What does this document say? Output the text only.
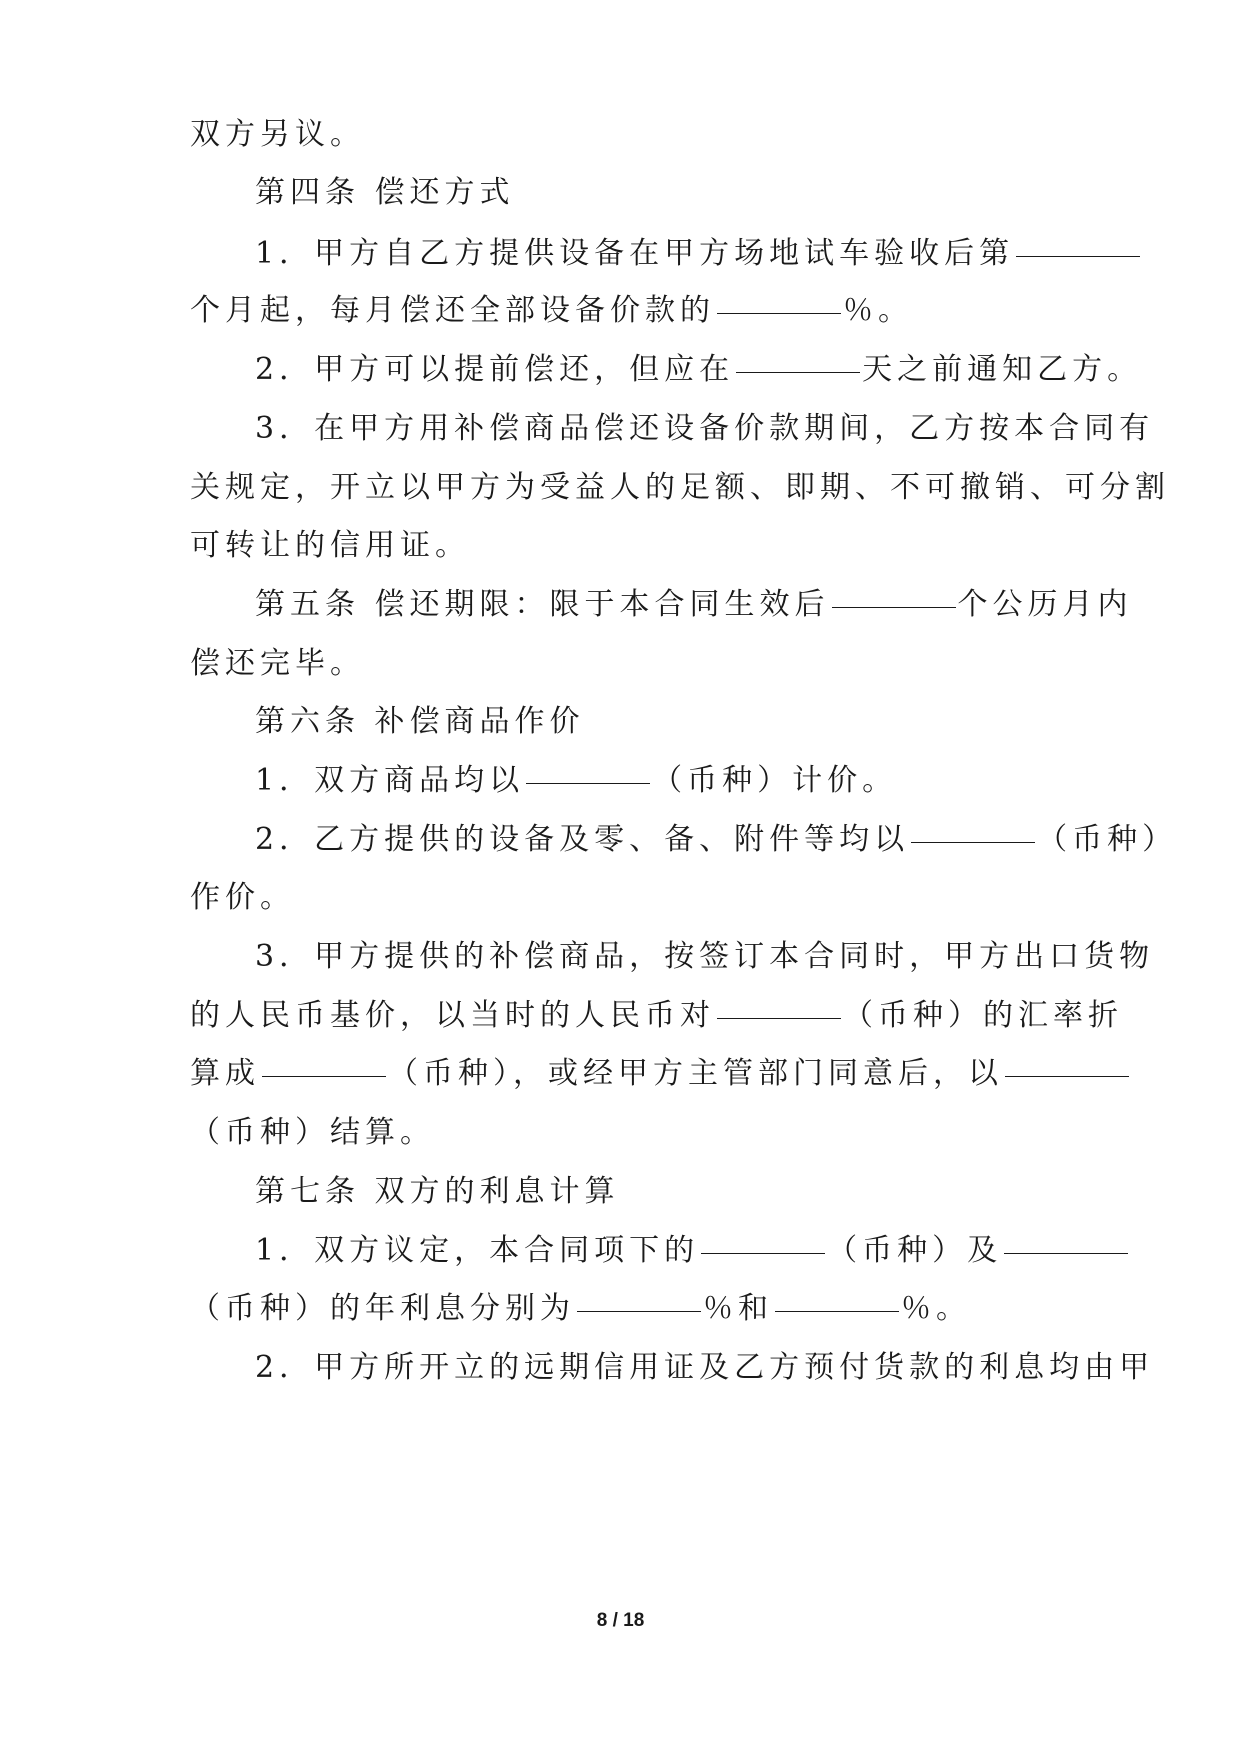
双方另议。
第四条 偿还方式
1．甲方自乙方提供设备在甲方场地试车验收后第
个月起，每月偿还全部设备价款的	％。
2．甲方可以提前偿还，但应在	天之前通知乙方。
3．在甲方用补偿商品偿还设备价款期间，乙方按本合同有
关规定，开立以甲方为受益人的足额、即期、不可撤销、可分割
可转让的信用证。
第五条 偿还期限：限于本合同生效后	个公历月内
偿还完毕。
第六条 补偿商品作价
1．双方商品均以	（币种）计价。
2．乙方提供的设备及零、备、附件等均以	（币种）
作价。
3．甲方提供的补偿商品，按签订本合同时，甲方出口货物
的人民币基价，以当时的人民币对	（币种）的汇率折
算成	（币种），或经甲方主管部门同意后，以
（币种）结算。
第七条 双方的利息计算
1．双方议定，本合同项下的	（币种）及
（币种）的年利息分别为	％和	％。
2．甲方所开立的远期信用证及乙方预付货款的利息均由甲
8 / 18
